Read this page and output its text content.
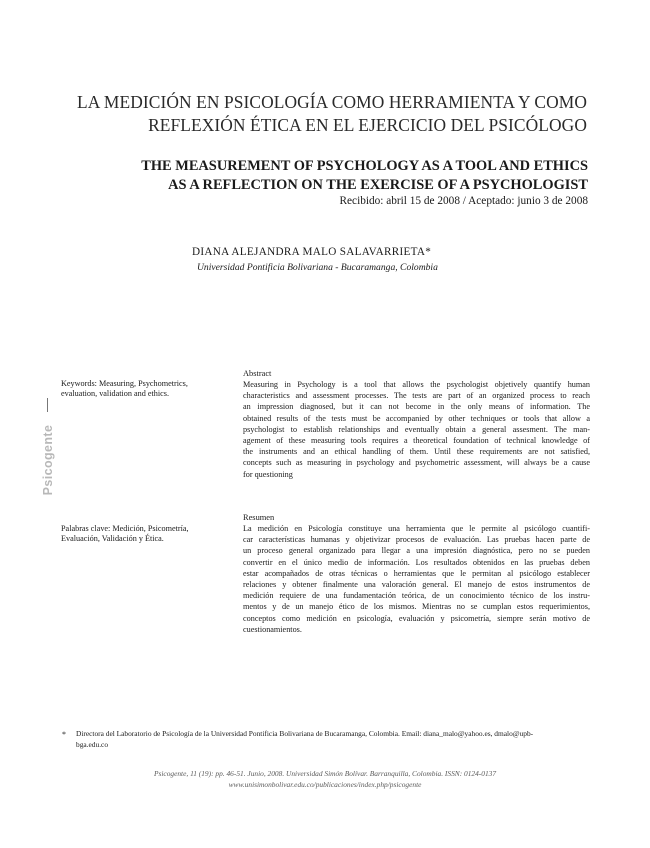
LA MEDICIÓN EN PSICOLOGÍA COMO HERRAMIENTA Y COMO
REFLEXIÓN ÉTICA EN EL EJERCICIO DEL PSICÓLOGO
THE MEASUREMENT OF PSYCHOLOGY AS A TOOL AND ETHICS
AS A REFLECTION ON THE EXERCISE OF A PSYCHOLOGIST
Recibido: abril 15 de 2008 / Aceptado: junio 3 de 2008
DIANA ALEJANDRA MALO SALAVARRIETA*
Universidad Pontificia Bolivariana - Bucaramanga, Colombia
Psicogente
Keywords: Measuring, Psychometrics,
evaluation, validation and ethics.
Abstract
Measuring in Psychology is a tool that allows the psychologist objetively quantify human
characteristics and assessment processes. The tests are part of an organized process to reach
an impression diagnosed, but it can not become in the only means of information. The
obtained results of the tests must be accompanied by other techniques or tools that allow a
psychologist to establish relationships and eventually obtain a general assesment. The man-
agement of these measuring tools requires a theoretical foundation of technical knowledge of
the instruments and an ethical handling of them. Until these requirements are not satisfied,
concepts such as measuring in psychology and psychometric assessment, will always be a cause
for questioning
Palabras clave: Medición, Psicometría,
Evaluación, Validación y Ética.
Resumen
La medición en Psicología constituye una herramienta que le permite al psicólogo cuantifi-
car características humanas y objetivizar procesos de evaluación. Las pruebas hacen parte de
un proceso general organizado para llegar a una impresión diagnóstica, pero no se pueden
convertir en el único medio de información. Los resultados obtenidos en las pruebas deben
estar acompañados de otras técnicas o herramientas que le permitan al psicólogo establecer
relaciones y obtener finalmente una valoración general. El manejo de estos instrumentos de
medición requiere de una fundamentación teórica, de un conocimiento técnico de los instru-
mentos y de un manejo ético de los mismos. Mientras no se cumplan estos requerimientos,
conceptos como medición en psicología, evaluación y psicometría, siempre serán motivo de
cuestionamientos.
* Directora del Laboratorio de Psicología de la Universidad Pontificia Bolivariana de Bucaramanga, Colombia. Email: diana_malo@yahoo.es, dmalo@upb-
bga.edu.co
Psicogente, 11 (19): pp. 46-51. Junio, 2008. Universidad Simón Bolívar. Barranquilla, Colombia. ISSN: 0124-0137
www.unisimonbolivar.edu.co/publicaciones/index.php/psicogente
